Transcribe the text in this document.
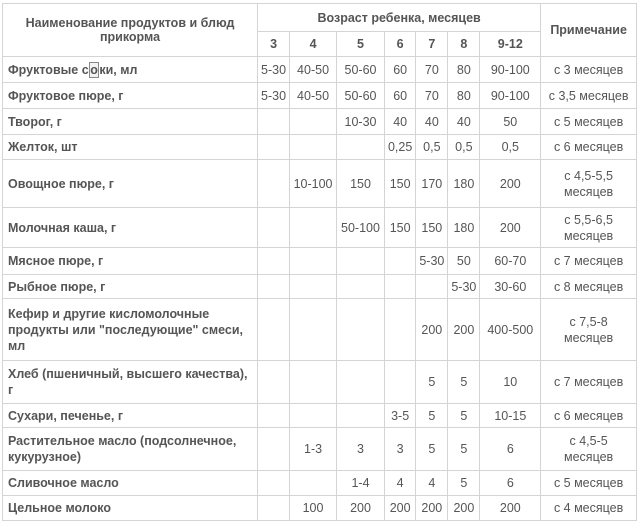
Наименование продуктов и блюд прикорма	Возраст ребенка, месяцев							Примечание
	3	4	5	6	7	8	9-12	
Фруктовые с о ки, мл	5-30	40-50	50-60	60	70	80	90-100	с 3 месяцев
Фруктовое пюре, г	5-30	40-50	50-60	60	70	80	90-100	с 3,5 месяцев
Творог, г			10-30	40	40	40	50	с 5 месяцев
Желток, шт				0,25	0,5	0,5	0,5	с 6 месяцев
Овощное пюре, г		10-100	150	150	170	180	200	с 4,5-5,5 месяцев
Молочная каша, г			50-100	150	150	180	200	с 5,5-6,5 месяцев
Мясное пюре, г					5-30	50	60-70	с 7 месяцев
Рыбное пюре, г						5-30	30-60	с 8 месяцев
Кефир и другие кисломолочные продукты или "последующие" смеси, мл					200	200	400-500	с 7,5-8 месяцев
Хлеб (пшеничный, высшего качества), г					5	5	10	с 7 месяцев
Сухари, печенье, г				3-5	5	5	10-15	с 6 месяцев
Растительное масло (подсолнечное, кукурузное)		1-3	3	3	5	5	6	с 4,5-5 месяцев
Сливочное масло			1-4	4	4	5	6	с 5 месяцев
Цельное молоко		100	200	200	200	200	200	с 4 месяцев
